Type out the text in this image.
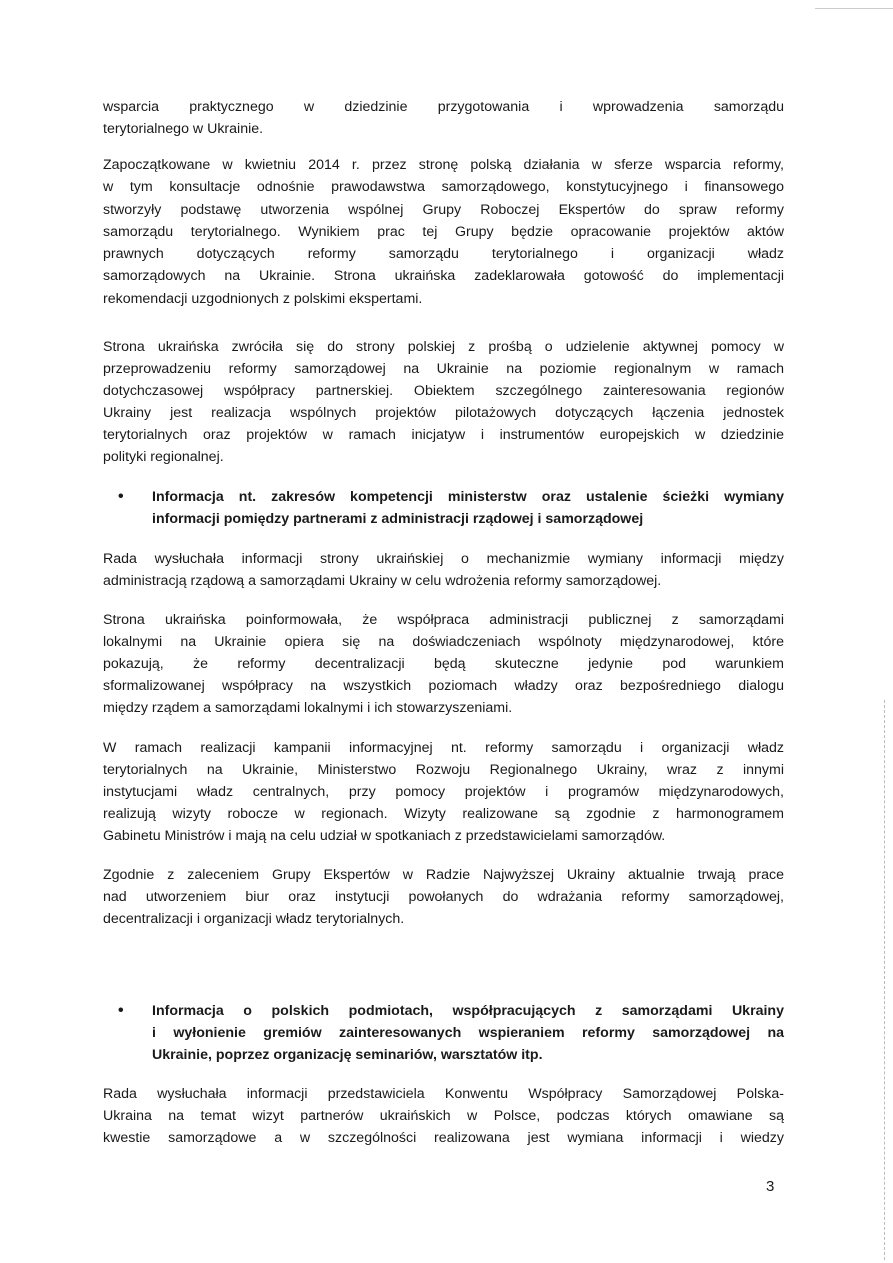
wsparcia praktycznego w dziedzinie przygotowania i wprowadzenia samorządu
terytorialnego w Ukrainie.
Zapoczątkowane w kwietniu 2014 r. przez stronę polską działania w sferze wsparcia reformy,
w tym konsultacje odnośnie prawodawstwa samorządowego, konstytucyjnego i finansowego
stworzyły podstawę utworzenia wspólnej Grupy Roboczej Ekspertów do spraw reformy
samorządu terytorialnego. Wynikiem prac tej Grupy będzie opracowanie projektów aktów
prawnych dotyczących reformy samorządu terytorialnego i organizacji władz
samorządowych na Ukrainie. Strona ukraińska zadeklarowała gotowość do implementacji
rekomendacji uzgodnionych z polskimi ekspertami.
Strona ukraińska zwróciła się do strony polskiej z prośbą o udzielenie aktywnej pomocy w
przeprowadzeniu reformy samorządowej na Ukrainie na poziomie regionalnym w ramach
dotychczasowej współpracy partnerskiej. Obiektem szczególnego zainteresowania regionów
Ukrainy jest realizacja wspólnych projektów pilotażowych dotyczących łączenia jednostek
terytorialnych oraz projektów w ramach inicjatyw i instrumentów europejskich w dziedzinie
polityki regionalnej.
• Informacja nt. zakresów kompetencji ministerstw oraz ustalenie ścieżki wymiany
informacji pomiędzy partnerami z administracji rządowej i samorządowej
Rada wysłuchała informacji strony ukraińskiej o mechanizmie wymiany informacji między
administracją rządową a samorządami Ukrainy w celu wdrożenia reformy samorządowej.
Strona ukraińska poinformowała, że współpraca administracji publicznej z samorządami
lokalnymi na Ukrainie opiera się na doświadczeniach wspólnoty międzynarodowej, które
pokazują, że reformy decentralizacji będą skuteczne jedynie pod warunkiem
sformalizowanej współpracy na wszystkich poziomach władzy oraz bezpośredniego dialogu
między rządem a samorządami lokalnymi i ich stowarzyszeniami.
W ramach realizacji kampanii informacyjnej nt. reformy samorządu i organizacji władz
terytorialnych na Ukrainie, Ministerstwo Rozwoju Regionalnego Ukrainy, wraz z innymi
instytucjami władz centralnych, przy pomocy projektów i programów międzynarodowych,
realizują wizyty robocze w regionach. Wizyty realizowane są zgodnie z harmonogramem
Gabinetu Ministrów i mają na celu udział w spotkaniach z przedstawicielami samorządów.
Zgodnie z zaleceniem Grupy Ekspertów w Radzie Najwyższej Ukrainy aktualnie trwają prace
nad utworzeniem biur oraz instytucji powołanych do wdrażania reformy samorządowej,
decentralizacji i organizacji władz terytorialnych.
• Informacja o polskich podmiotach, współpracujących z samorządami Ukrainy
i wyłonienie gremiów zainteresowanych wspieraniem reformy samorządowej na
Ukrainie, poprzez organizację seminariów, warsztatów itp.
Rada wysłuchała informacji przedstawiciela Konwentu Współpracy Samorządowej Polska-
Ukraina na temat wizyt partnerów ukraińskich w Polsce, podczas których omawiane są
kwestie samorządowe a w szczególności realizowana jest wymiana informacji i wiedzy
3
